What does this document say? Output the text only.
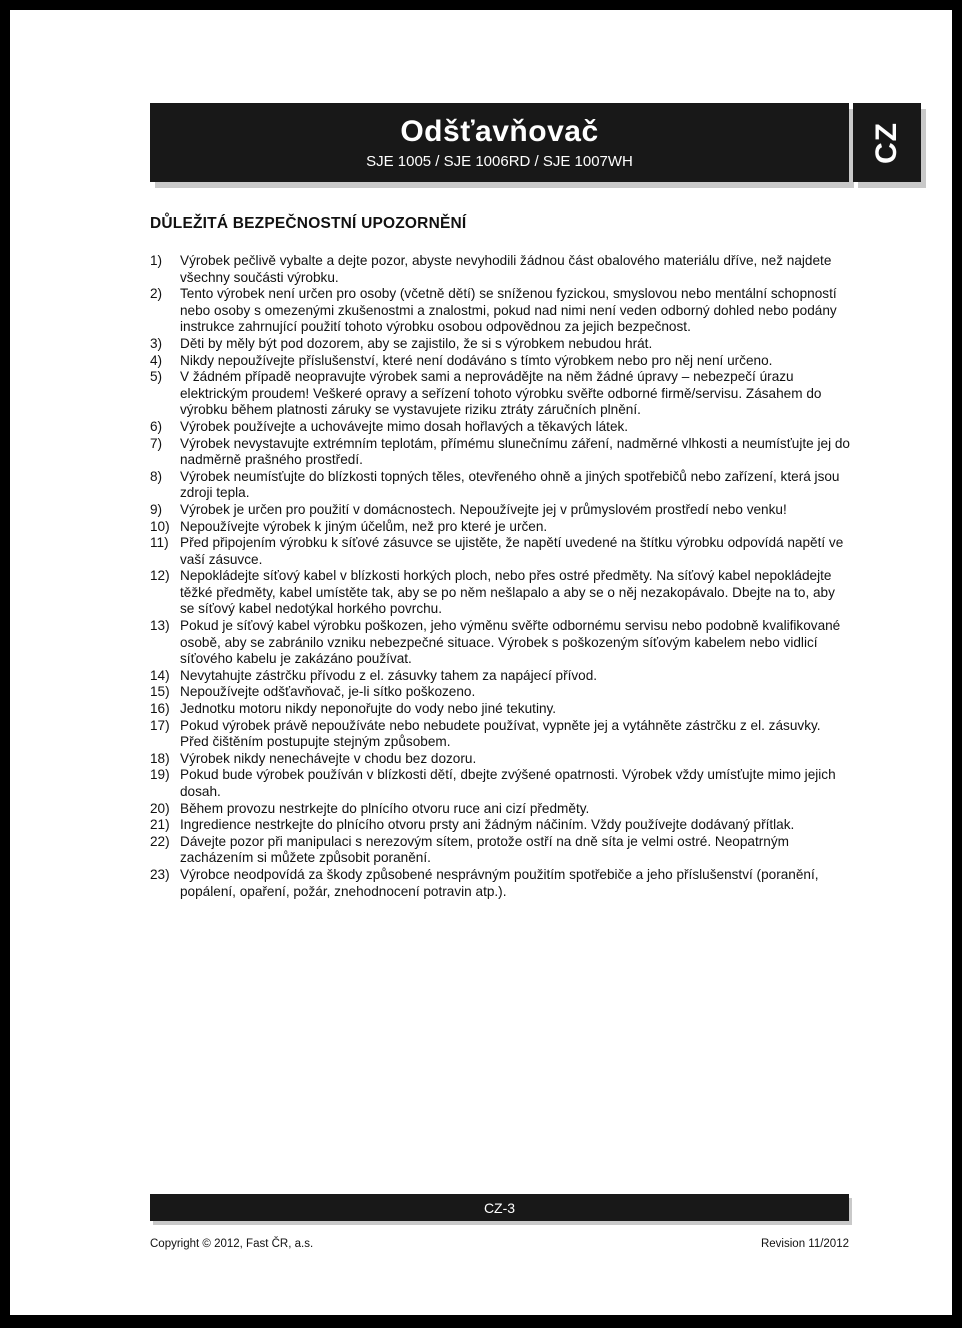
Odšťavňovač
SJE 1005 / SJE 1006RD / SJE 1007WH	CZ
DŮLEŽITÁ BEZPEČNOSTNÍ UPOZORNĚNÍ
1)	Výrobek pečlivě vybalte a dejte pozor, abyste nevyhodili žádnou část obalového materiálu dříve, než najdete všechny součásti výrobku.
2)	Tento výrobek není určen pro osoby (včetně dětí) se sníženou fyzickou, smyslovou nebo mentální schopností nebo osoby s omezenými zkušenostmi a znalostmi, pokud nad nimi není veden odborný dohled nebo podány instrukce zahrnující použití tohoto výrobku osobou odpovědnou za jejich bezpečnost.
3)	Děti by měly být pod dozorem, aby se zajistilo, že si s výrobkem nebudou hrát.
4)	Nikdy nepoužívejte příslušenství, které není dodáváno s tímto výrobkem nebo pro něj není určeno.
5)	V žádném případě neopravujte výrobek sami a neprovádějte na něm žádné úpravy – nebezpečí úrazu elektrickým proudem! Veškeré opravy a seřízení tohoto výrobku svěřte odborné firmě/servisu. Zásahem do výrobku během platnosti záruky se vystavujete riziku ztráty záručních plnění.
6)	Výrobek používejte a uchovávejte mimo dosah hořlavých a těkavých látek.
7)	Výrobek nevystavujte extrémním teplotám, přímému slunečnímu záření, nadměrné vlhkosti a neumísťujte jej do nadměrně prašného prostředí.
8)	Výrobek neumísťujte do blízkosti topných těles, otevřeného ohně a jiných spotřebičů nebo zařízení, která jsou zdroji tepla.
9)	Výrobek je určen pro použití v domácnostech. Nepoužívejte jej v průmyslovém prostředí nebo venku!
10) Nepoužívejte výrobek k jiným účelům, než pro které je určen.
11) Před připojením výrobku k síťové zásuvce se ujistěte, že napětí uvedené na štítku výrobku odpovídá napětí ve vaší zásuvce.
12) Nepokládejte síťový kabel v blízkosti horkých ploch, nebo přes ostré předměty. Na síťový kabel nepokládejte těžké předměty, kabel umístěte tak, aby se po něm nešlapalo a aby se o něj nezakopávalo. Dbejte na to, aby se síťový kabel nedotýkal horkého povrchu.
13) Pokud je síťový kabel výrobku poškozen, jeho výměnu svěřte odbornému servisu nebo podobně kvalifikované osobě, aby se zabránilo vzniku nebezpečné situace. Výrobek s poškozeným síťovým kabelem nebo vidlicí síťového kabelu je zakázáno používat.
14) Nevytahujte zástrčku přívodu z el. zásuvky tahem za napájecí přívod.
15) Nepoužívejte odšťavňovač, je-li sítko poškozeno.
16) Jednotku motoru nikdy neponořujte do vody nebo jiné tekutiny.
17) Pokud výrobek právě nepoužíváte nebo nebudete používat, vypněte jej a vytáhněte zástrčku z el. zásuvky. Před čištěním postupujte stejným způsobem.
18) Výrobek nikdy nenechávejte v chodu bez dozoru.
19) Pokud bude výrobek používán v blízkosti dětí, dbejte zvýšené opatrnosti. Výrobek vždy umísťujte mimo jejich dosah.
20) Během provozu nestrkejte do plnícího otvoru ruce ani cizí předměty.
21) Ingredience nestrkejte do plnícího otvoru prsty ani žádným náčiním. Vždy používejte dodávaný přítlak.
22) Dávejte pozor při manipulaci s nerezovým sítem, protože ostří na dně síta je velmi ostré. Neopatrným zacházením si můžete způsobit poranění.
23) Výrobce neodpovídá za škody způsobené nesprávným použitím spotřebiče a jeho příslušenství (poranění, popálení, opaření, požár, znehodnocení potravin atp.).
CZ-3
Copyright © 2012, Fast ČR, a.s.	Revision 11/2012
